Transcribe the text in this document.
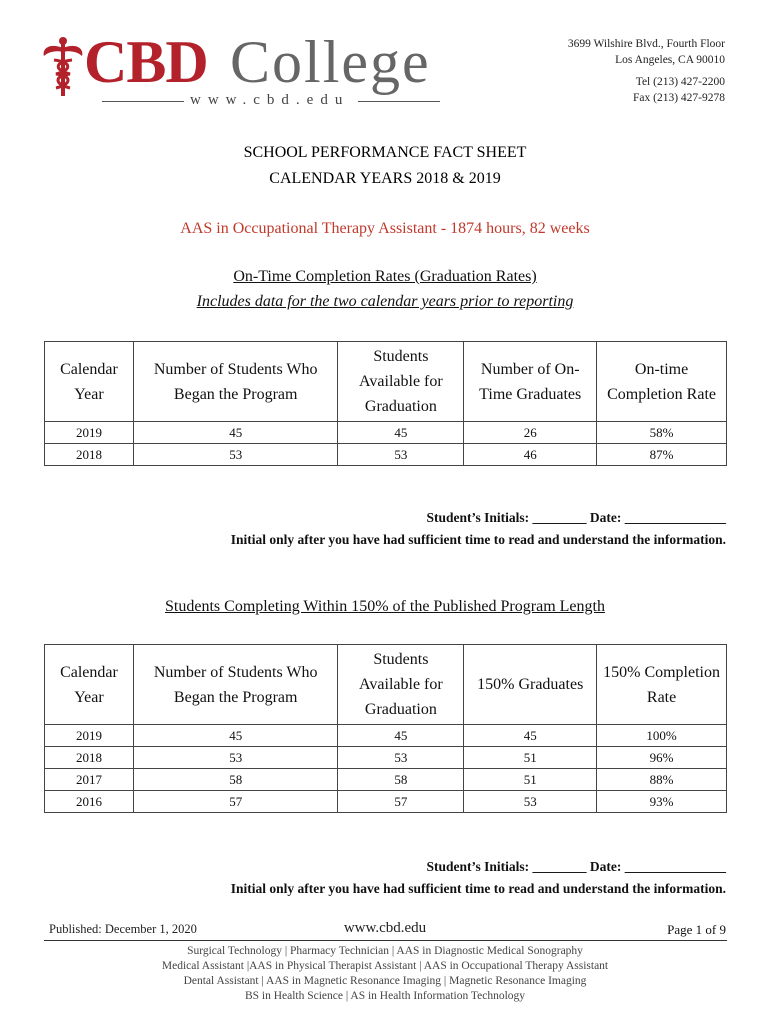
CBD College
www.cbd.edu
3699 Wilshire Blvd., Fourth Floor
Los Angeles, CA 90010
Tel (213) 427-2200
Fax (213) 427-9278
SCHOOL PERFORMANCE FACT SHEET
CALENDAR YEARS 2018 & 2019
AAS in Occupational Therapy Assistant - 1874 hours, 82 weeks
On-Time Completion Rates (Graduation Rates)
Includes data for the two calendar years prior to reporting
Calendar Year	Number of Students Who Began the Program	Students Available for Graduation	Number of On-Time Graduates	On-time Completion Rate
2019	45	45	26	58%
2018	53	53	46	87%
Student’s Initials: ________ Date: _______________
Initial only after you have had sufficient time to read and understand the information.
Students Completing Within 150% of the Published Program Length
Calendar Year	Number of Students Who Began the Program	Students Available for Graduation	150% Graduates	150% Completion Rate
2019	45	45	45	100%
2018	53	53	51	96%
2017	58	58	51	88%
2016	57	57	53	93%
Student’s Initials: ________ Date: _______________
Initial only after you have had sufficient time to read and understand the information.
Published: December 1, 2020	www.cbd.edu	Page 1 of 9
Surgical Technology | Pharmacy Technician | AAS in Diagnostic Medical Sonography
Medical Assistant |AAS in Physical Therapist Assistant | AAS in Occupational Therapy Assistant
Dental Assistant | AAS in Magnetic Resonance Imaging | Magnetic Resonance Imaging
BS in Health Science | AS in Health Information Technology
